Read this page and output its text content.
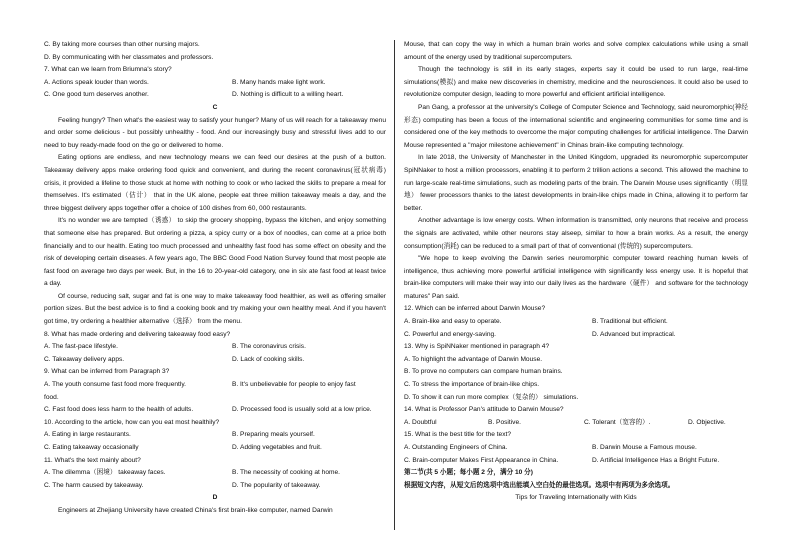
C. By taking more courses than other nursing majors.
D. By communicating with her classmates and professors.
7. What can we learn from Briumna's story?
A. Actions speak louder than words.	B. Many hands make light work.
C. One good turn deserves another.	D. Nothing is difficult to a willing heart.
C

Feeling hungry? Then what's the easiest way to satisfy your hunger? Many of us will reach for a takeaway menu and order some delicious - but possibly unhealthy - food. And our increasingly busy and stressful lives add to our need to buy ready-made food on the go or delivered to home.

Eating options are endless, and new technology means we can feed our desires at the push of a button. Takeaway delivery apps make ordering food quick and convenient, and during the recent coronavirus(冠状病毒) crisis, it provided a lifeline to those stuck at home with nothing to cook or who lacked the skills to prepare a meal for themselves. It's estimated（估计） that in the UK alone, people eat three million takeaway meals a day, and the three biggest delivery apps together offer a choice of 100 dishes from 60, 000 restaurants.

It's no wonder we are tempted（诱惑） to skip the grocery shopping, bypass the kitchen, and enjoy something that someone else has prepared. But ordering a pizza, a spicy curry or a box of noodles, can come at a price both financially and to our health. Eating too much processed and unhealthy fast food has some effect on obesity and the risk of developing certain diseases. A few years ago, The BBC Good Food Nation Survey found that most people ate fast food on average two days per week. But, in the 16 to 20-year-old category, one in six ate fast food at least twice a day.

Of course, reducing salt, sugar and fat is one way to make takeaway food healthier, as well as offering smaller portion sizes. But the best advice is to find a cooking book and try making your own healthy meal. And if you haven't got time, try ordering a healthier alternative（选择） from the menu.

8. What has made ordering and delivering takeaway food easy?
A. The fast-pace lifestyle.	B. The coronavirus crisis.
C. Takeaway delivery apps.	D. Lack of cooking skills.
9. What can be inferred from Paragraph 3?
A. The youth consume fast food more frequently.	B. It's unbelievable for people to enjoy fast
food.
C. Fast food does less harm to the health of adults.	D. Processed food is usually sold at a low price.
10. According to the article, how can you eat most healthily?
A. Eating in large restaurants.	B. Preparing meals yourself.
C. Eating takeaway occasionally	D. Adding vegetables and fruit.
11. What's the text mainly about?
A. The dilemma（困境） takeaway faces.	B. The necessity of cooking at home.
C. The harm caused by takeaway.	D. The popularity of takeaway.
D

Engineers at Zhejiang University have created China's first brain-like computer, named Darwin

Mouse, that can copy the way in which a human brain works and solve complex calculations while using a small amount of the energy used by traditional supercomputers.

Though the technology is still in its early stages, experts say it could be used to run large, real-time simulations(模拟) and make new discoveries in chemistry, medicine and the neurosciences. It could also be used to revolutionize computer design, leading to more powerful and efficient artificial intelligence.

Pan Gang, a professor at the university's College of Computer Science and Technology, said neuromorphic(神经形态) computing has been a focus of the international scientific and engineering communities for some time and is considered one of the key methods to overcome the major computing challenges for artificial intelligence. The Darwin Mouse represented a "major milestone achievement" in Chinas brain-like computing technology.

In late 2018, the University of Manchester in the United Kingdom, upgraded its neuromorphic supercomputer SpiNNaker to host a million processors, enabling it to perform 2 trillion actions a second. This allowed the machine to run large-scale real-time simulations, such as modeling parts of the brain. The Darwin Mouse uses significantly（明显地） fewer processors thanks to the latest developments in brain-like chips made in China, allowing it to perform far better.

Another advantage is low energy costs. When information is transmitted, only neurons that receive and process the signals are activated, while other neurons stay alseep, similar to how a brain works. As a result, the energy consumption(消耗) can be reduced to a small part of that of conventional (传统的) supercomputers.

"We hope to keep evolving the Darwin series neuromorphic computer toward reaching human levels of intelligence, thus achieving more powerful artificial intelligence with significantly less energy use. It is hopeful that brain-like computers will make their way into our daily lives as the hardware（硬件） and software for the technology matures" Pan said.

12. Which can be inferred about Darwin Mouse?
A. Brain-like and easy to operate.	B. Traditional but efficient.
C. Powerful and energy-saving.	D. Advanced but impractical.
13. Why is SpiNNaker mentioned in paragraph 4?
A. To highlight the advantage of Darwin Mouse.
B. To prove no computers can compare human brains.
C. To stress the importance of brain-like chips.
D. To show it can run more complex（复杂的） simulations.
14. What is Professor Pan's attitude to Darwin Mouse?
A. Doubtful	B. Positive.	C. Tolerant（宽容的）.	D. Objective.
15. What is the best title for the text?
A. Outstanding Engineers of China.	B. Darwin Mouse a Famous mouse.
C. Brain-computer Makes First Appearance in China.	D. Artificial Intelligence Has a Bright Future.
第二节(共 5 小题；每小题 2 分，满分 10 分)
根据短文内容，从短文后的选项中选出能填入空白处的最佳选项。选项中有两项为多余选项。
Tips for Traveling Internationally with Kids
